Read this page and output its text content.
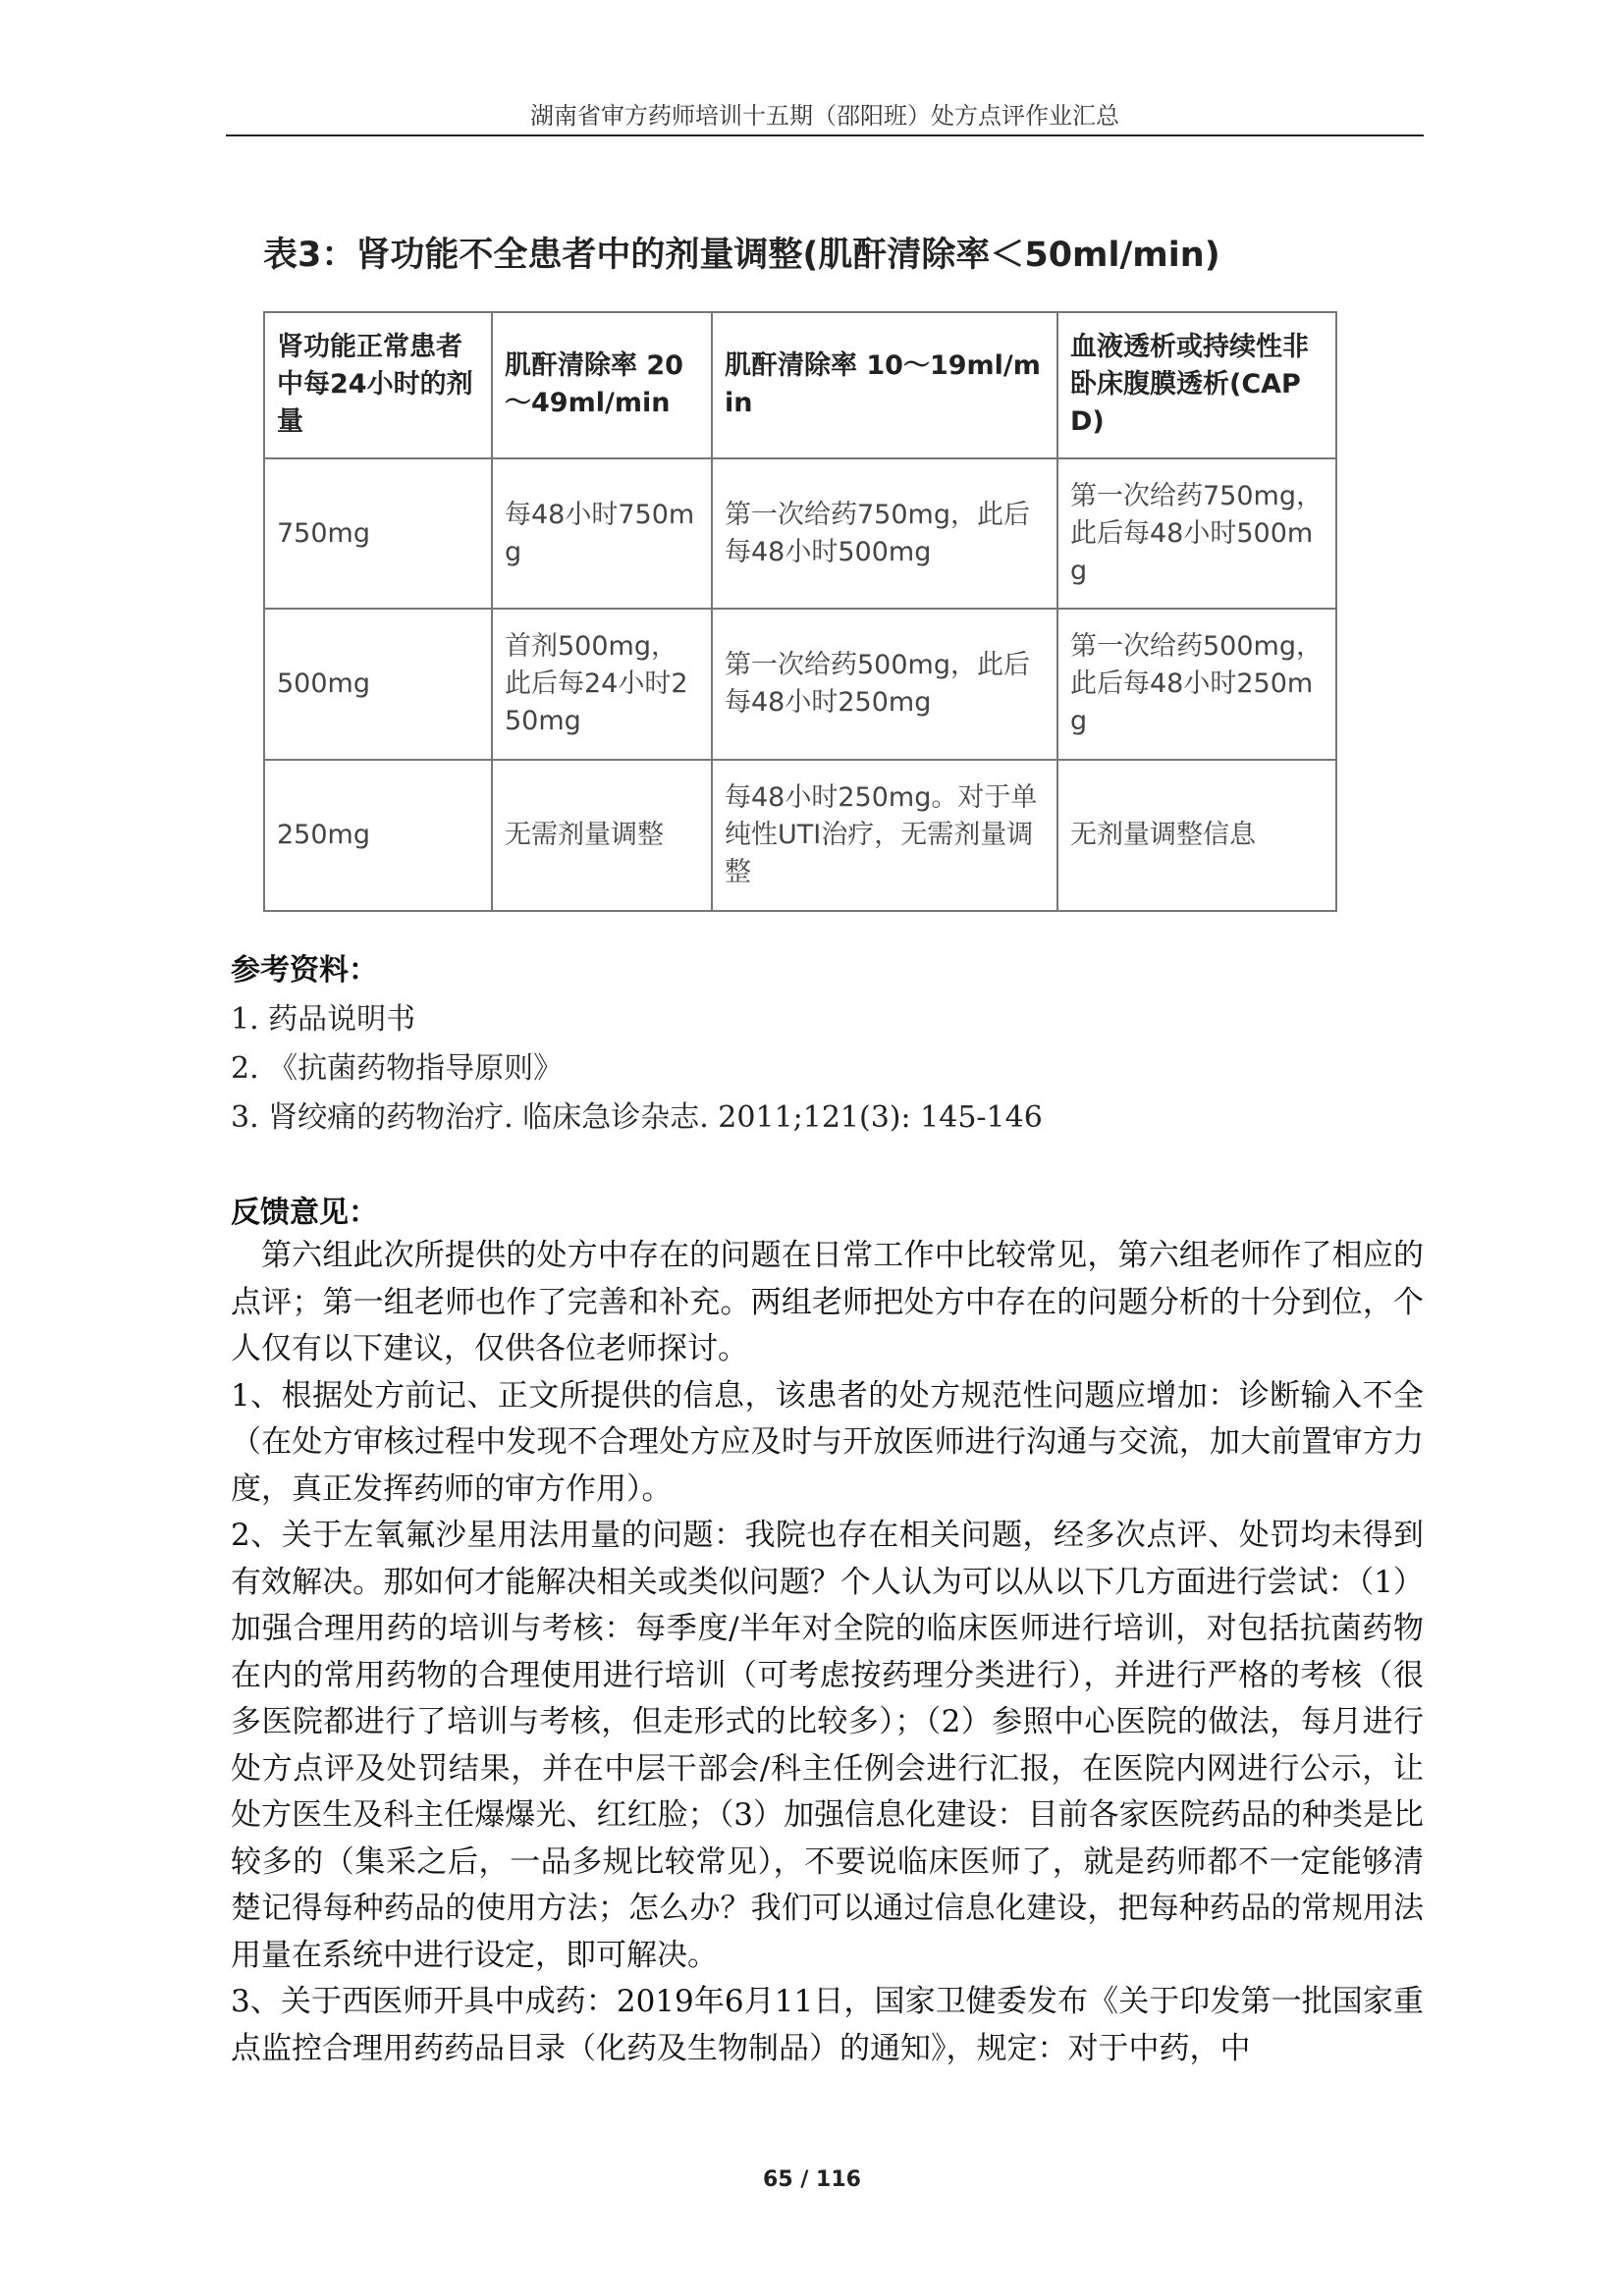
湖南省审方药师培训十五期（邵阳班）处方点评作业汇总
表3：肾功能不全患者中的剂量调整(肌酐清除率＜50ml/min)
肾功能正常患者中每24小时的剂量	肌酐清除率 20～49ml/min	肌酐清除率 10～19ml/min	血液透析或持续性非卧床腹膜透析(CAPD)
750mg	每48小时750mg	第一次给药750mg，此后每48小时500mg	第一次给药750mg，此后每48小时500mg
500mg	首剂500mg，此后每24小时250mg	第一次给药500mg，此后每48小时250mg	第一次给药500mg，此后每48小时250mg
250mg	无需剂量调整	每48小时250mg。对于单纯性UTI治疗，无需剂量调整	无剂量调整信息
参考资料：
1. 药品说明书
2. 《抗菌药物指导原则》
3. 肾绞痛的药物治疗. 临床急诊杂志. 2011;121(3): 145-146
反馈意见：

第六组此次所提供的处方中存在的问题在日常工作中比较常见，第六组老师作了相应的点评；第一组老师也作了完善和补充。两组老师把处方中存在的问题分析的十分到位，个人仅有以下建议，仅供各位老师探讨。

1、根据处方前记、正文所提供的信息，该患者的处方规范性问题应增加：诊断输入不全（在处方审核过程中发现不合理处方应及时与开放医师进行沟通与交流，加大前置审方力度，真正发挥药师的审方作用）。

2、关于左氧氟沙星用法用量的问题：我院也存在相关问题，经多次点评、处罚均未得到有效解决。那如何才能解决相关或类似问题？个人认为可以从以下几方面进行尝试：（1）加强合理用药的培训与考核：每季度/半年对全院的临床医师进行培训，对包括抗菌药物在内的常用药物的合理使用进行培训（可考虑按药理分类进行），并进行严格的考核（很多医院都进行了培训与考核，但走形式的比较多）；（2）参照中心医院的做法，每月进行处方点评及处罚结果，并在中层干部会/科主任例会进行汇报，在医院内网进行公示，让处方医生及科主任爆爆光、红红脸；（3）加强信息化建设：目前各家医院药品的种类是比较多的（集采之后，一品多规比较常见），不要说临床医师了，就是药师都不一定能够清楚记得每种药品的使用方法；怎么办？我们可以通过信息化建设，把每种药品的常规用法用量在系统中进行设定，即可解决。

3、关于西医师开具中成药：2019年6月11日，国家卫健委发布《关于印发第一批国家重点监控合理用药药品目录（化药及生物制品）的通知》，规定：对于中药，中

65 / 116
